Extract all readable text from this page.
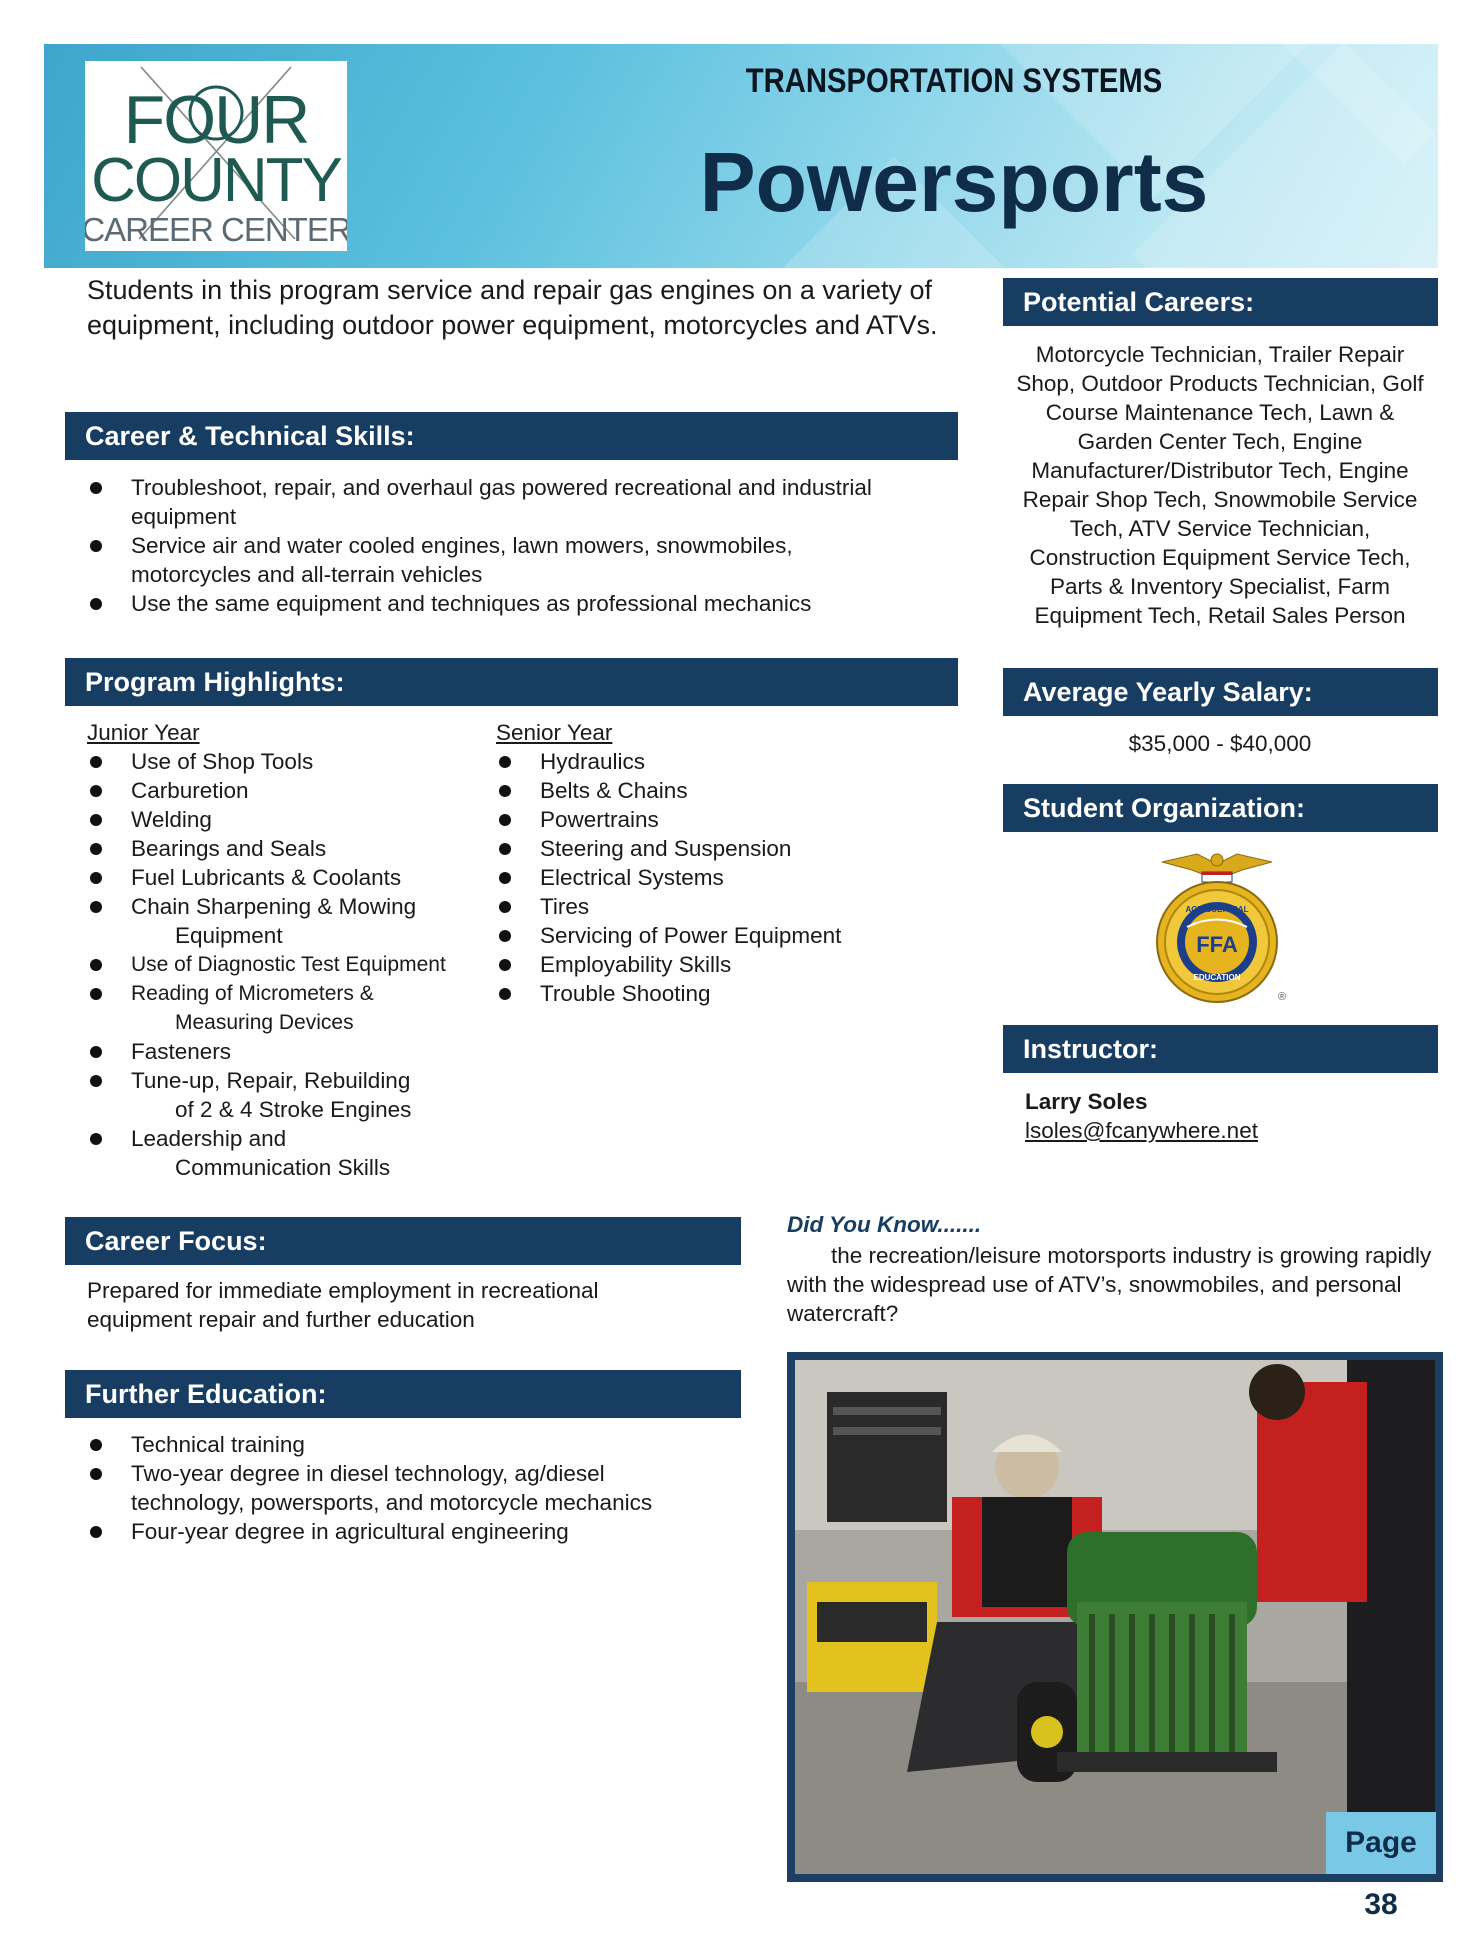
FOUR
COUNTY
CAREER CENTER
TRANSPORTATION SYSTEMS
Powersports
Students in this program service and repair gas engines on a variety of equipment, including outdoor power equipment, motorcycles and ATVs.
Career & Technical Skills:
Troubleshoot, repair, and overhaul gas powered recreational and industrial equipment
Service air and water cooled engines, lawn mowers, snowmobiles, motorcycles and all-terrain vehicles
Use the same equipment and techniques as professional mechanics
Program Highlights:
Junior Year
Use of Shop Tools
Carburetion
Welding
Bearings and Seals
Fuel Lubricants & Coolants
Chain Sharpening & Mowing
Equipment
Use of Diagnostic Test Equipment
Reading of Micrometers &
Measuring Devices
Fasteners
Tune-up, Repair, Rebuilding
of 2 & 4 Stroke Engines
Leadership and
Communication Skills
Senior Year
Hydraulics
Belts & Chains
Powertrains
Steering and Suspension
Electrical Systems
Tires
Servicing of Power Equipment
Employability Skills
Trouble Shooting
Career Focus:
Prepared for immediate employment in recreational equipment repair and further education
Further Education:
Technical training
Two-year degree in diesel technology, ag/diesel technology, powersports, and motorcycle mechanics
Four-year degree in agricultural engineering
Potential Careers:
Motorcycle Technician, Trailer Repair Shop, Outdoor Products Technician, Golf Course Maintenance Tech, Lawn & Garden Center Tech, Engine Manufacturer/Distributor Tech, Engine Repair Shop Tech, Snowmobile Service Tech, ATV Service Technician, Construction Equipment Service Tech, Parts & Inventory Specialist, Farm Equipment Tech, Retail Sales Person
Average Yearly Salary:
$35,000 - $40,000
Student Organization:
AGRICULTURAL
FFA
EDUCATION
®
Instructor:
Larry Soles
lsoles@fcanywhere.net
Did You Know.......
the recreation/leisure motorsports industry is growing rapidly with the widespread use of ATV’s, snowmobiles, and personal watercraft?
Page 38
